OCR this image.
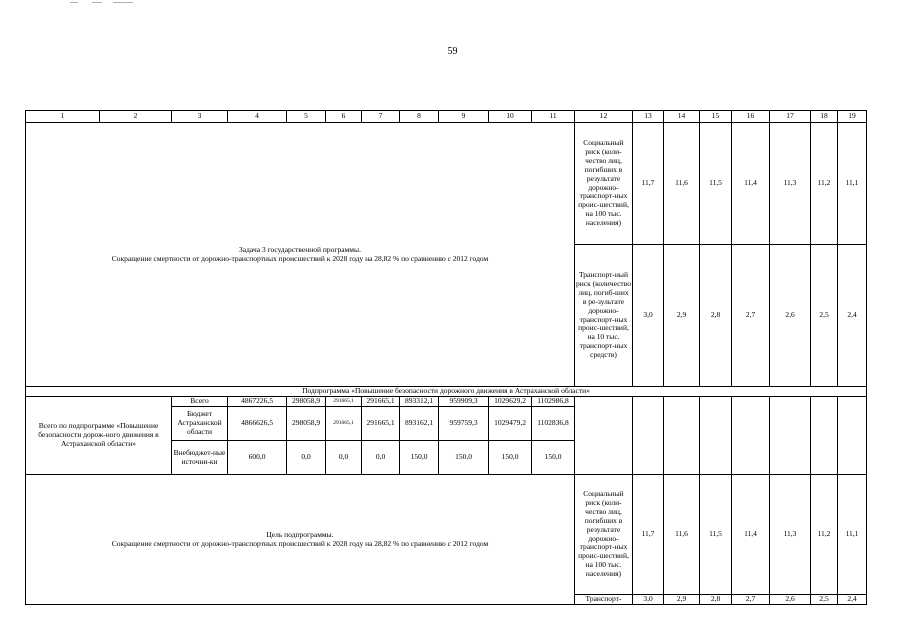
59
1	2	3	4	5	6	7	8	9	10	11	12	13	14	15	16	17	18	19

Задача 3 государственной программы.
Сокращение смертности от дорожно-транспортных происшествий к 2028 году на 28,82 % по сравнению с 2012 годом											Социальный риск (коли-чество лиц, погибших в результате дорожно-транспорт-ных проис-шествий, на 100 тыс. населения)	11,7	11,6	11,5	11,4	11,3	11,2	11,1
											Транспорт-ный риск (количество лиц, погиб-ших в ре-зультате дорожно-транспорт-ных проис-шествий, на 10 тыс. транспорт-ных средств)	3,0	2,9	2,8	2,7	2,6	2,5	2,4
Подпрограмма «Повышение безопасности дорожного движения в Астраханской области»																		
Всего по подпрограмме «Повышение безопасности дорож-ного движения в Астраханской области»		Всего	4867226,5	298058,9	291665,1	291665,1	893312,1	959909,3	1029629,2	1102986,8								
		Бюджет Астраханской области	4866626,5	298058,9	291665,1	291665,1	893162,1	959759,3	1029479,2	1102836,8								
		Внебюджет-ные источни-ки	600,0	0,0	0,0	0,0	150,0	150,0	150,0	150,0								

Цель подпрограммы.
Сокращение смертности от дорожно-транспортных происшествий к 2028 году на 28,82 % по сравнению с 2012 годом											Социальный риск (коли-чество лиц, погибших в результате дорожно-транспорт-ных проис-шествий, на 100 тыс. населения)	11,7	11,6	11,5	11,4	11,3	11,2	11,1
											Транспорт-	3,0	2,9	2,8	2,7	2,6	2,5	2,4
